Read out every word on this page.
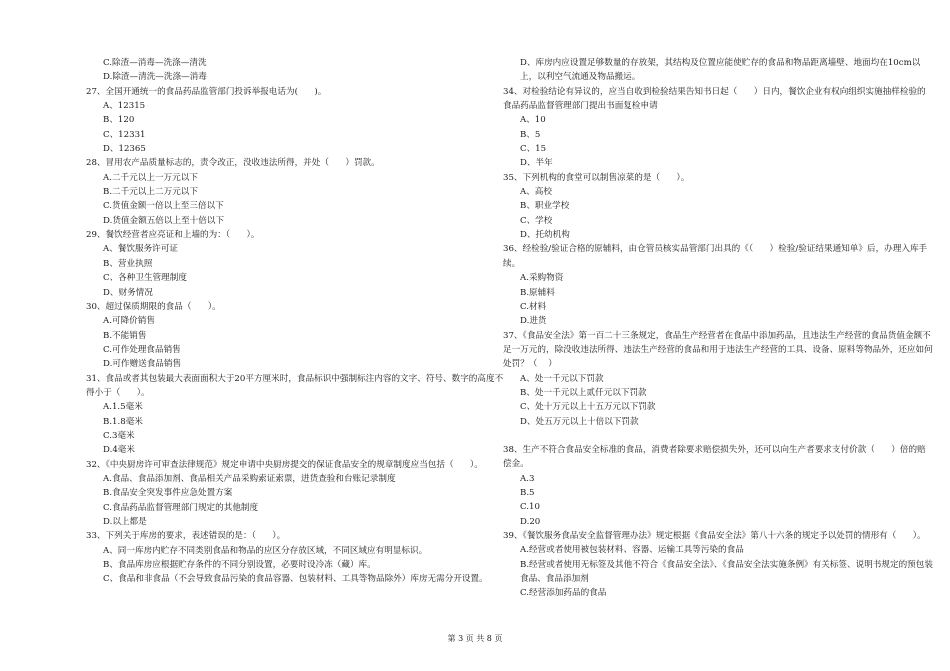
C.除渣—消毒—洗涤—清洗
D.除渣—清洗—洗涤—消毒
27、全国开通统一的食品药品监管部门投诉举报电话为(      )。
A、12315
B、120
C、12331
D、12365
28、冒用农产品质量标志的，责令改正，没收违法所得，并处（      ）罚款。
A.二千元以上一万元以下
B.二千元以上二万元以下
C.货值金额一倍以上至三倍以下
D.货值金额五倍以上至十倍以下
29、餐饮经营者应亮证和上墙的为：（      ）。
A、餐饮服务许可证
B、营业执照
C、各种卫生管理制度
D、财务情况
30、超过保质期限的食品（      ）。
A.可降价销售
B.不能销售
C.可作处理食品销售
D.可作赠送食品销售
31、食品或者其包装最大表面面积大于20平方厘米时，食品标识中强制标注内容的文字、符号、数字的高度不得小于（      ）。
A.1.5毫米
B.1.8毫米
C.3毫米
D.4毫米
32、《中央厨房许可审查法律规范》规定申请中央厨房提交的保证食品安全的规章制度应当包括（      ）。
A.食品、食品添加剂、食品相关产品采购索证索票，进货查验和台账记录制度
B.食品安全突发事件应急处置方案
C.食品药品监督管理部门规定的其他制度
D.以上都是
33、下列关于库房的要求，表述错误的是：（      ）。
A、同一库房内贮存不同类别食品和物品的应区分存放区域，不同区域应有明显标识。
B、食品库房应根据贮存条件的不同分别设置，必要时设冷冻（藏）库。
C、食品和非食品（不会导致食品污染的食品容器、包装材料、工具等物品除外）库房无需分开设置。
D、库房内应设置足够数量的存放架，其结构及位置应能使贮存的食品和物品距离墙壁、地面均在10cm以上，以利空气流通及物品搬运。
34、对检验结论有异议的，应当自收到检验结果告知书日起（      ）日内，餐饮企业有权向组织实施抽样检验的食品药品监督管理部门提出书面复检申请
A、10
B、5
C、15
D、半年
35、下列机构的食堂可以制售凉菜的是（      ）。
A、高校
B、职业学校
C、学校
D、托幼机构
36、经检验/验证合格的原辅料，由仓管员核实品管部门出具的《（      ）检验/验证结果通知单》后，办理入库手续。
A.采购物资
B.原辅料
C.材料
D.进货
37、《食品安全法》第一百二十三条规定，食品生产经营者在食品中添加药品，且违法生产经营的食品货值金额不足一万元的，除没收违法所得、违法生产经营的食品和用于违法生产经营的工具、设备、原料等物品外，还应如何处罚？（    ）
A、处一千元以下罚款
B、处一千元以上贰仟元以下罚款
C、处十万元以上十五万元以下罚款
D、处五万元以上十倍以下罚款
38、生产不符合食品安全标准的食品，消费者除要求赔偿损失外，还可以向生产者要求支付价款（      ）倍的赔偿金。
A.3
B.5
C.10
D.20
39、《餐饮服务食品安全监督管理办法》规定根据《食品安全法》第八十六条的规定予以处罚的情形有（      ）。
A.经营或者使用被包装材料、容器、运输工具等污染的食品
B.经营或者使用无标签及其他不符合《食品安全法》、《食品安全法实施条例》有关标签、说明书规定的预包装食品、食品添加剂
C.经营添加药品的食品
第 3 页 共 8 页
